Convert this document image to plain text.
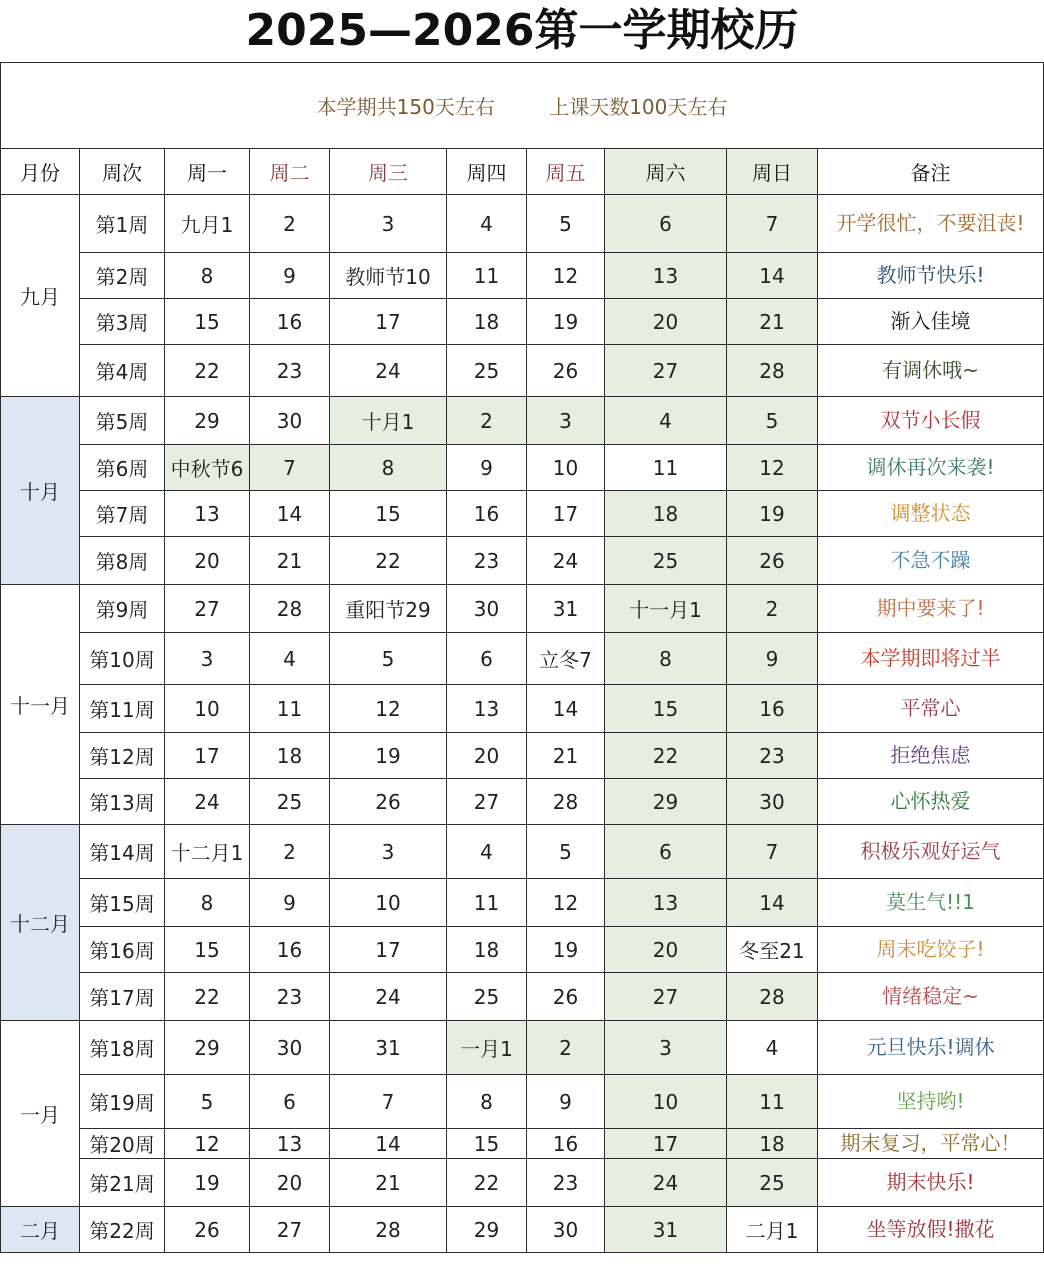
2025—2026第一学期校历
本学期共150天左右 上课天数100天左右									
月份	周次	周一	周二	周三	周四	周五	周六	周日	备注
九月	第1周	九月1	2	3	4	5	6	7	开学很忙，不要沮丧!
	第2周	8	9	教师节10	11	12	13	14	教师节快乐!
	第3周	15	16	17	18	19	20	21	渐入佳境
	第4周	22	23	24	25	26	27	28	有调休哦~
十月	第5周	29	30	十月1	2	3	4	5	双节小长假
	第6周	中秋节6	7	8	9	10	11	12	调休再次来袭!
	第7周	13	14	15	16	17	18	19	调整状态
	第8周	20	21	22	23	24	25	26	不急不躁
十一月	第9周	27	28	重阳节29	30	31	十一月1	2	期中要来了!
	第10周	3	4	5	6	立冬7	8	9	本学期即将过半
	第11周	10	11	12	13	14	15	16	平常心
	第12周	17	18	19	20	21	22	23	拒绝焦虑
	第13周	24	25	26	27	28	29	30	心怀热爱
十二月	第14周	十二月1	2	3	4	5	6	7	积极乐观好运气
	第15周	8	9	10	11	12	13	14	莫生气!!1
	第16周	15	16	17	18	19	20	冬至21	周末吃饺子!
	第17周	22	23	24	25	26	27	28	情绪稳定~
一月	第18周	29	30	31	一月1	2	3	4	元旦快乐!调休
	第19周	5	6	7	8	9	10	11	坚持哟!
	第20周	12	13	14	15	16	17	18	期末复习，平常心！
	第21周	19	20	21	22	23	24	25	期末快乐!
二月	第22周	26	27	28	29	30	31	二月1	坐等放假!撒花
